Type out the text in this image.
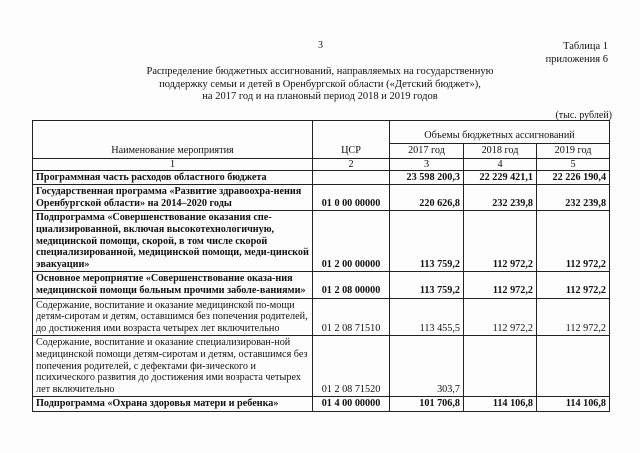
3	Таблица 1
приложения 6
Распределение бюджетных ассигнований, направляемых на государственную
поддержку семьи и детей в Оренбургской области («Детский бюджет»),
на 2017 год и на плановый период 2018 и 2019 годов
(тыс. рублей)
Наименование мероприятия	ЦСР	Объемы бюджетных ассигнований		
		2017 год	2018 год	2019 год
1	2	3	4	5
Программная часть расходов областного бюджета		23 598 200,3	22 229 421,1	22 226 190,4
Государственная программа «Развитие здравоохра-нения Оренбургской области» на 2014–2020 годы	01 0 00 00000	220 626,8	232 239,8	232 239,8
Подпрограмма «Совершенствование оказания спе-циализированной, включая высокотехнологичную, медицинской помощи, скорой, в том числе скорой специализированной, медицинской помощи, меди-цинской эвакуации»	01 2 00 00000	113 759,2	112 972,2	112 972,2
Основное мероприятие «Совершенствование оказа-ния медицинской помощи больным прочими заболе-ваниями»	01 2 08 00000	113 759,2	112 972,2	112 972,2
Содержание, воспитание и оказание медицинской по-мощи детям-сиротам и детям, оставшимся без попечения родителей, до достижения ими возраста четырех лет включительно	01 2 08 71510	113 455,5	112 972,2	112 972,2
Содержание, воспитание и оказание специализирован-ной медицинской помощи детям-сиротам и детям, оставшимся без попечения родителей, с дефектами фи-зического и психического развития до достижения ими возраста четырех лет включительно	01 2 08 71520	303,7		
Подпрограмма «Охрана здоровья матери и ребенка»	01 4 00 00000	101 706,8	114 106,8	114 106,8
